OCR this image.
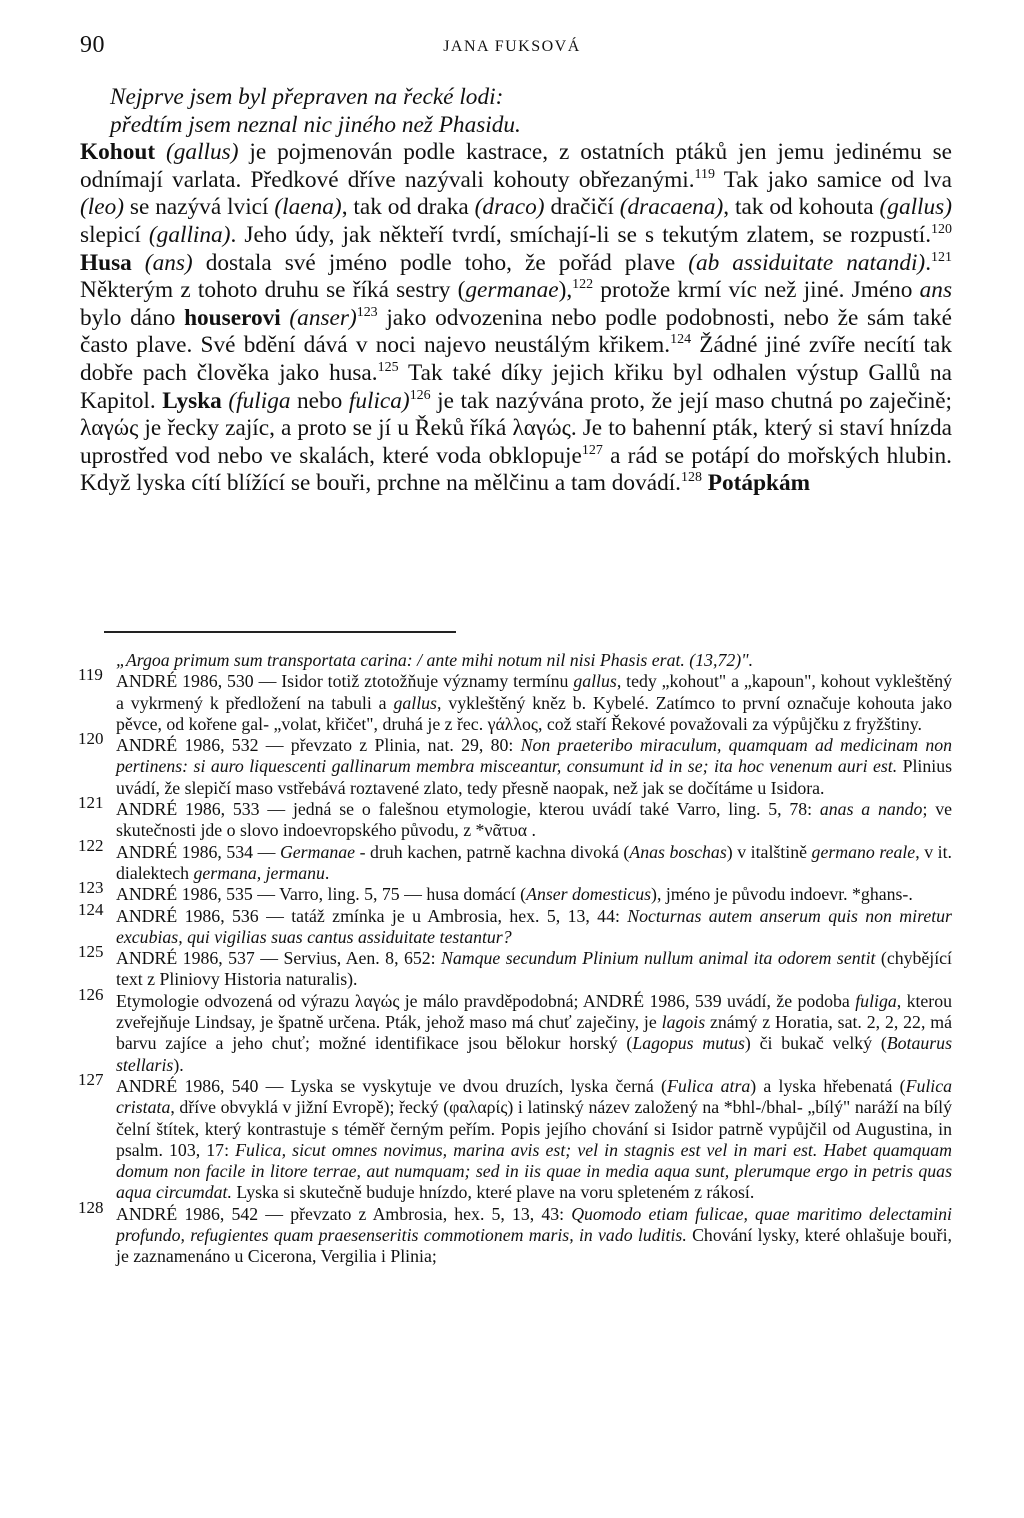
90	JANA FUKSOVÁ

Nejprve jsem byl přepraven na řecké lodi:

předtím jsem neznal nic jiného než Phasidu.

Kohout (gallus) je pojmenován podle kastrace, z ostatních ptáků jen jemu jedinému se odnímají varlata. Předkové dříve nazývali kohouty obřezanými.$^{119}$ Tak jako samice od lva (leo) se nazývá lvicí (laena), tak od draka (draco) dračičí (dracaena), tak od kohouta (gallus) slepicí (gallina). Jeho údy, jak někteří tvrdí, smíchají-li se s tekutým zlatem, se rozpustí.$^{120}$ Husa (ans) dostala své jméno podle toho, že pořád plave (ab assiduitate natandi).$^{121}$ Některým z tohoto druhu se říká sestry (germanae),$^{122}$ protože krmí víc než jiné. Jméno ans bylo dáno houserovi (anser)$^{123}$ jako odvozenina nebo podle podobnosti, nebo že sám také často plave. Své bdění dává v noci najevo neustálým křikem.$^{124}$ Žádné jiné zvíře necítí tak dobře pach člověka jako husa.$^{125}$ Tak také díky jejich křiku byl odhalen výstup Gallů na Kapitol. Lyska (fuliga nebo fulica)$^{126}$ je tak nazývána proto, že její maso chutná po zaječině; λαγώς je řecky zajíc, a proto se jí u Řeků říká λαγώς. Je to bahenní pták, který si staví hnízda uprostřed vod nebo ve skalách, které voda obklopuje$^{127}$ a rád se potápí do mořských hlubin. Když lyska cítí blížící se bouři, prchne na mělčinu a tam dovádí.$^{128}$ Potápkám

„Argoa primum sum transportata carina: / ante mihi notum nil nisi Phasis erat. (13,72)".

119 ANDRÉ 1986, 530 — Isidor totiž ztotožňuje významy termínu gallus, tedy „kohout" a „kapoun", kohout vykleštěný a vykrmený k předložení na tabuli a gallus, vykleštěný kněz b. Kybelé. Zatímco to první označuje kohouta jako pěvce, od kořene gal- „volat, křičet", druhá je z řec. γάλλος, což staří Řekové považovali za výpůjčku z fryžštiny.

120 ANDRÉ 1986, 532 — převzato z Plinia, nat. 29, 80: Non praeteribo miraculum, quamquam ad medicinam non pertinens: si auro liquescenti gallinarum membra misceantur, consumunt id in se; ita hoc venenum auri est. Plinius uvádí, že slepičí maso vstřebává roztavené zlato, tedy přesně naopak, než jak se dočítáme u Isidora.

121 ANDRÉ 1986, 533 — jedná se o falešnou etymologie, kterou uvádí také Varro, ling. 5, 78: anas a nando; ve skutečnosti jde o slovo indoevropského původu, z *νᾶτυα .

122 ANDRÉ 1986, 534 — Germanae - druh kachen, patrně kachna divoká (Anas boschas) v italštině germano reale, v it. dialektech germana, jermanu.

123 ANDRÉ 1986, 535 — Varro, ling. 5, 75 — husa domácí (Anser domesticus), jméno je původu indoevr. *ghans-.

124 ANDRÉ 1986, 536 — tatáž zmínka je u Ambrosia, hex. 5, 13, 44: Nocturnas autem anserum quis non miretur excubias, qui vigilias suas cantus assiduitate testantur?

125 ANDRÉ 1986, 537 — Servius, Aen. 8, 652: Namque secundum Plinium nullum animal ita odorem sentit (chybějící text z Pliniovy Historia naturalis).

126 Etymologie odvozená od výrazu λαγώς je málo pravděpodobná; ANDRÉ 1986, 539 uvádí, že podoba fuliga, kterou zveřejňuje Lindsay, je špatně určena. Pták, jehož maso má chuť zaječiny, je lagois známý z Horatia, sat. 2, 2, 22, má barvu zajíce a jeho chuť; možné identifikace jsou bělokur horský (Lagopus mutus) či bukač velký (Botaurus stellaris).

127 ANDRÉ 1986, 540 — Lyska se vyskytuje ve dvou druzích, lyska černá (Fulica atra) a lyska hřebenatá (Fulica cristata, dříve obvyklá v jižní Evropě); řecký (φαλαρίς) i latinský název založený na *bhl-/bhal- „bílý" naráží na bílý čelní štítek, který kontrastuje s téměř černým peřím. Popis jejího chování si Isidor patrně vypůjčil od Augustina, in psalm. 103, 17: Fulica, sicut omnes novimus, marina avis est; vel in stagnis est vel in mari est. Habet quamquam domum non facile in litore terrae, aut numquam; sed in iis quae in media aqua sunt, plerumque ergo in petris quas aqua circumdat. Lyska si skutečně buduje hnízdo, které plave na voru spleteném z rákosí.

128 ANDRÉ 1986, 542 — převzato z Ambrosia, hex. 5, 13, 43: Quomodo etiam fulicae, quae maritimo delectamini profundo, refugientes quam praesenseritis commotionem maris, in vado luditis. Chování lysky, které ohlašuje bouři, je zaznamenáno u Cicerona, Vergilia i Plinia;
